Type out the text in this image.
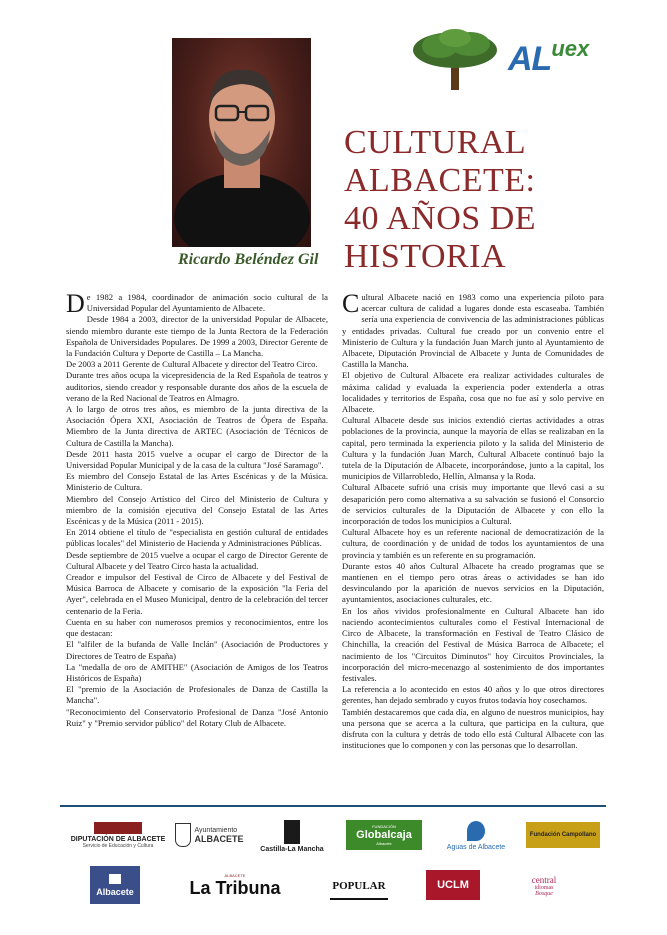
Ricardo Beléndez Gil
ALuex
CULTURAL
ALBACETE:
40 AÑOS DE
HISTORIA
D e 1982 a 1984, coordinador de animación socio cultural de la Universidad Popular del Ayuntamiento de Albacete.

Desde 1984 a 2003, director de la universidad Popular de Albacete, siendo miembro durante este tiempo de la Junta Rectora de la Federación Española de Universidades Populares. De 1999 a 2003, Director Gerente de la Fundación Cultura y Deporte de Castilla – La Mancha.

De 2003 a 2011 Gerente de Cultural Albacete y director del Teatro Circo.

Durante tres años ocupa la vicepresidencia de la Red Española de teatros y auditorios, siendo creador y responsable durante dos años de la escuela de verano de la Red Nacional de Teatros en Almagro.

A lo largo de otros tres años, es miembro de la junta directiva de la Asociación Ópera XXI, Asociación de Teatros de Ópera de España. Miembro de la Junta directiva de ARTEC (Asociación de Técnicos de Cultura de Castilla la Mancha).

Desde 2011 hasta 2015 vuelve a ocupar el cargo de Director de la Universidad Popular Municipal y de la casa de la cultura "José Saramago".

Es miembro del Consejo Estatal de las Artes Escénicas y de la Música. Ministerio de Cultura.

Miembro del Consejo Artístico del Circo del Ministerio de Cultura y miembro de la comisión ejecutiva del Consejo Estatal de las Artes Escénicas y de la Música (2011 - 2015).

En 2014 obtiene el título de "especialista en gestión cultural de entidades públicas locales" del Ministerio de Hacienda y Administraciones Públicas.

Desde septiembre de 2015 vuelve a ocupar el cargo de Director Gerente de Cultural Albacete y del Teatro Circo hasta la actualidad.

Creador e impulsor del Festival de Circo de Albacete y del Festival de Música Barroca de Albacete y comisario de la exposición "la Feria del Ayer", celebrada en el Museo Municipal, dentro de la celebración del tercer centenario de la Feria.

Cuenta en su haber con numerosos premios y reconocimientos, entre los que destacan:

El "alfiler de la bufanda de Valle Inclán" (Asociación de Productores y Directores de Teatro de España)

La "medalla de oro de AMITHE" (Asociación de Amigos de los Teatros Históricos de España)

El "premio de la Asociación de Profesionales de Danza de Castilla la Mancha".

"Reconocimiento del Conservatorio Profesional de Danza "José Antonio Ruiz" y "Premio servidor público" del Rotary Club de Albacete.

C ultural Albacete nació en 1983 como una experiencia piloto para acercar cultura de calidad a lugares donde esta escaseaba. También sería una experiencia de convivencia de las administraciones públicas y entidades privadas. Cultural fue creado por un convenio entre el Ministerio de Cultura y la fundación Juan March junto al Ayuntamiento de Albacete, Diputación Provincial de Albacete y Junta de Comunidades de Castilla la Mancha.

El objetivo de Cultural Albacete era realizar actividades culturales de máxima calidad y evaluada la experiencia poder extenderla a otras localidades y territorios de España, cosa que no fue así y solo pervive en Albacete.

Cultural Albacete desde sus inicios extendió ciertas actividades a otras poblaciones de la provincia, aunque la mayoría de ellas se realizaban en la capital, pero terminada la experiencia piloto y la salida del Ministerio de Cultura y la fundación Juan March, Cultural Albacete continuó bajo la tutela de la Diputación de Albacete, incorporándose, junto a la capital, los municipios de Villarrobledo, Hellín, Almansa y la Roda.

Cultural Albacete sufrió una crisis muy importante que llevó casi a su desaparición pero como alternativa a su salvación se fusionó el Consorcio de servicios culturales de la Diputación de Albacete y con ello la incorporación de todos los municipios a Cultural.

Cultural Albacete hoy es un referente nacional de democratización de la cultura, de coordinación y de unidad de todos los ayuntamientos de una provincia y también es un referente en su programación.

Durante estos 40 años Cultural Albacete ha creado programas que se mantienen en el tiempo pero otras áreas o actividades se han ido desvinculando por la aparición de nuevos servicios en la Diputación, ayuntamientos, asociaciones culturales, etc.

En los años vividos profesionalmente en Cultural Albacete han ido naciendo acontecimientos culturales como el Festival Internacional de Circo de Albacete, la transformación en Festival de Teatro Clásico de Chinchilla, la creación del Festival de Música Barroca de Albacete; el nacimiento de los "Circuitos Diminutos" hoy Circuitos Provinciales, la incorporación del micro-mecenazgo al sostenimiento de dos importantes festivales.

La referencia a lo acontecido en estos 40 años y lo que otros directores gerentes, han dejado sembrado y cuyos frutos todavía hoy cosechamos.

También destacaremos que cada día, en alguno de nuestros municipios, hay una persona que se acerca a la cultura, que participa en la cultura, que disfruta con la cultura y detrás de todo ello está Cultural Albacete con las instituciones que lo componen y con las personas que lo desarrollan.

DIPUTACIÓN DE ALBACETE
Servicio de Educación y Cultura
Ayuntamiento
ALBACETE
Castilla-La Mancha
FUNDACIÓN
Globalcaja
Albacete
Aguas de Albacete
Fundación Campollano
Albacete
ALBACETE
La Tribuna	POPULAR	UCLM	central
idiomas
Bosque
